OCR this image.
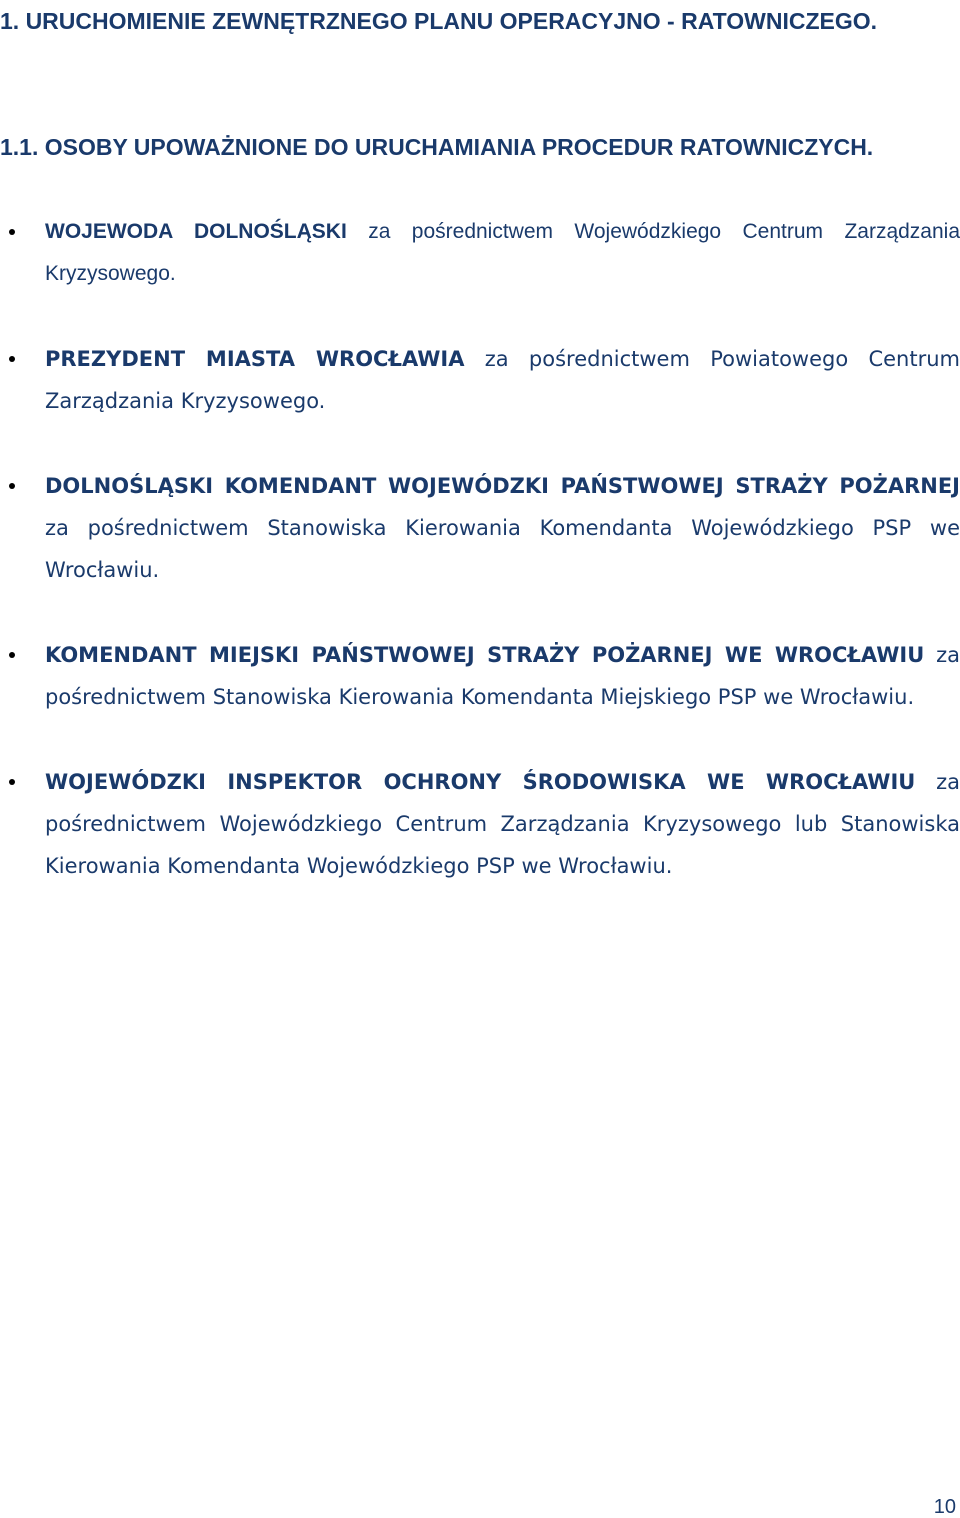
1. URUCHOMIENIE ZEWNĘTRZNEGO PLANU OPERACYJNO - RATOWNICZEGO.
1.1. OSOBY UPOWAŻNIONE DO URUCHAMIANIA PROCEDUR RATOWNICZYCH.

WOJEWODA DOLNOŚLĄSKI za pośrednictwem Wojewódzkiego Centrum Zarządzania Kryzysowego.

PREZYDENT MIASTA WROCŁAWIA za pośrednictwem Powiatowego Centrum Zarządzania Kryzysowego.

DOLNOŚLĄSKI KOMENDANT WOJEWÓDZKI PAŃSTWOWEJ STRAŻY POŻARNEJ za pośrednictwem Stanowiska Kierowania Komendanta Wojewódzkiego PSP we Wrocławiu.

KOMENDANT MIEJSKI PAŃSTWOWEJ STRAŻY POŻARNEJ WE WROCŁAWIU za pośrednictwem Stanowiska Kierowania Komendanta Miejskiego PSP we Wrocławiu.

WOJEWÓDZKI INSPEKTOR OCHRONY ŚRODOWISKA WE WROCŁAWIU za pośrednictwem Wojewódzkiego Centrum Zarządzania Kryzysowego lub Stanowiska Kierowania Komendanta Wojewódzkiego PSP we Wrocławiu.

10
